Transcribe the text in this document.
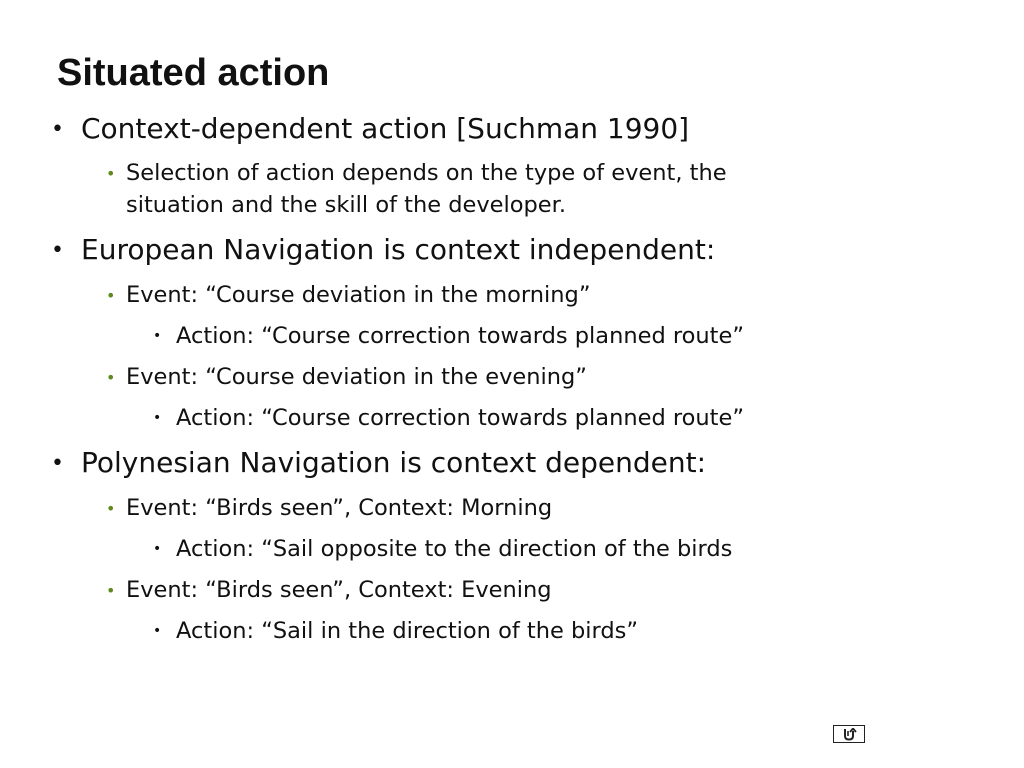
Situated action
• Context-dependent action [Suchman 1990]
• Selection of action depends on the type of event, the
situation and the skill of the developer.
• European Navigation is context independent:
• Event: “Course deviation in the morning”
• Action: “Course correction towards planned route”
• Event: “Course deviation in the evening”
• Action: “Course correction towards planned route”
• Polynesian Navigation is context dependent:
• Event: “Birds seen”, Context: Morning
• Action: “Sail opposite to the direction of the birds
• Event: “Birds seen”, Context: Evening
• Action: “Sail in the direction of the birds”
